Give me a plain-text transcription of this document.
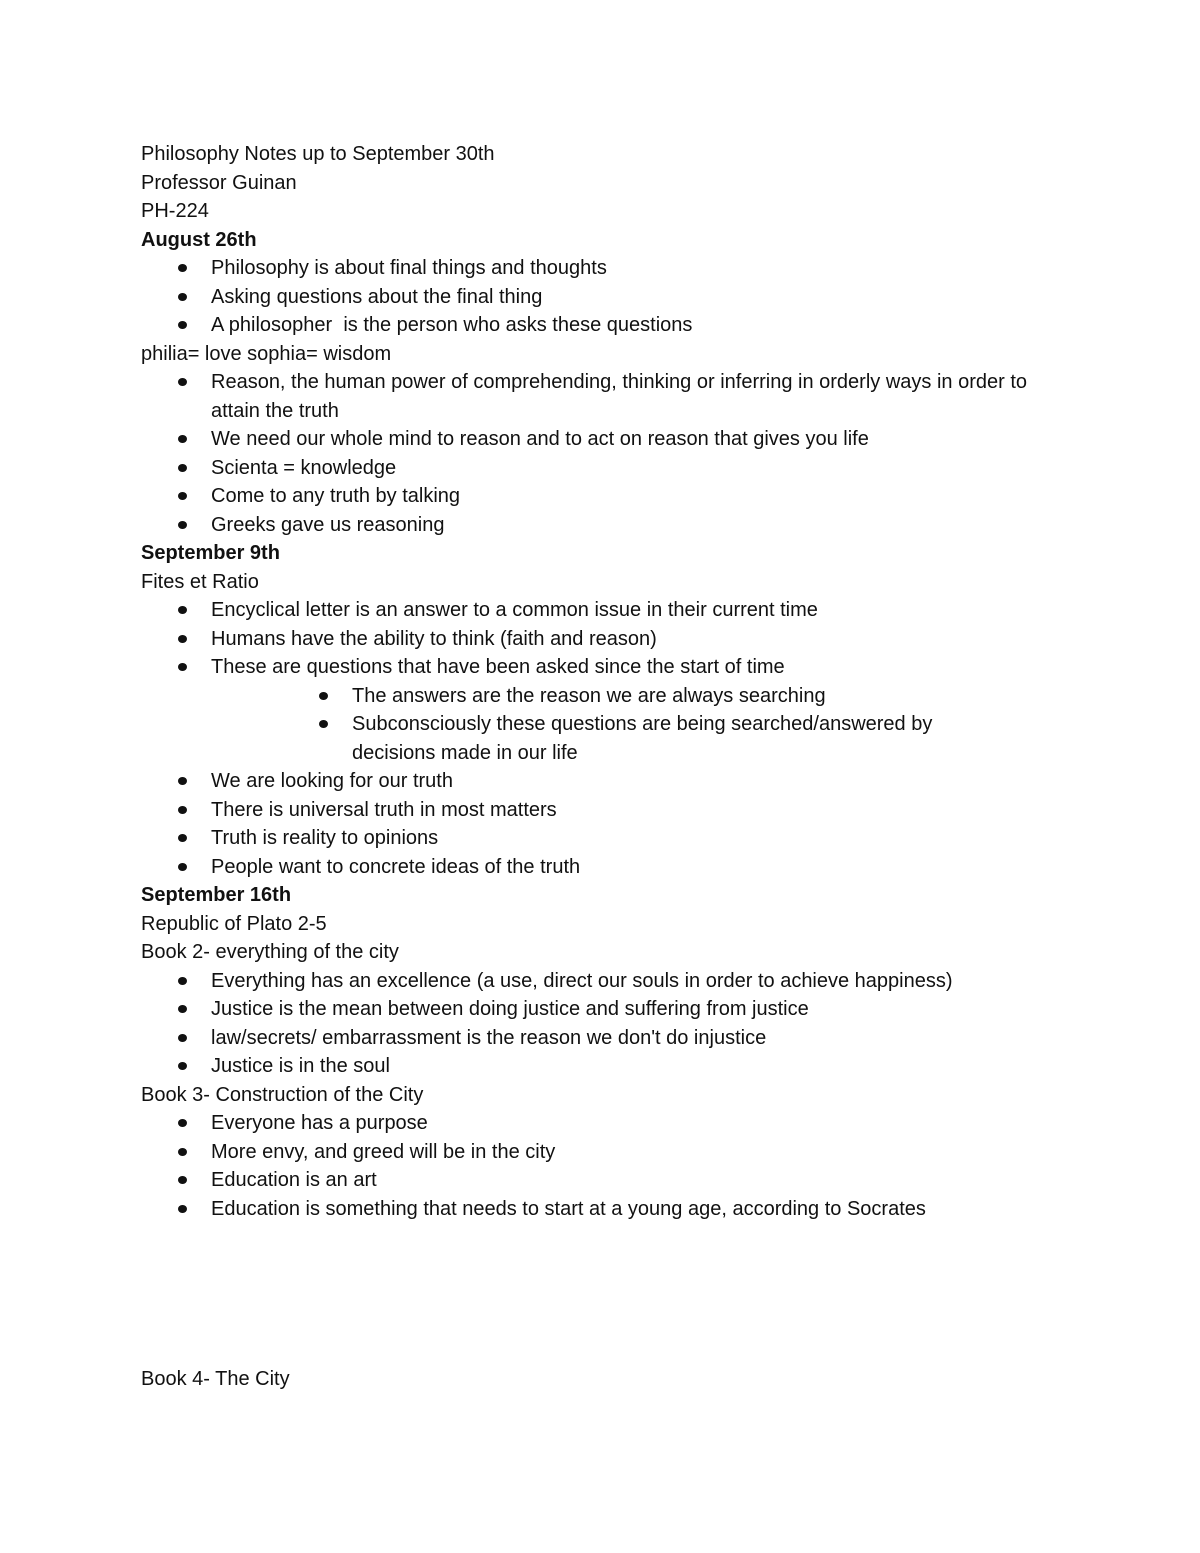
Philosophy Notes up to September 30th
Professor Guinan
PH-224
August 26th
Philosophy is about final things and thoughts
Asking questions about the final thing
A philosopher  is the person who asks these questions
philia= love sophia= wisdom
Reason, the human power of comprehending, thinking or inferring in orderly ways in order to attain the truth
We need our whole mind to reason and to act on reason that gives you life
Scienta = knowledge
Come to any truth by talking
Greeks gave us reasoning
September 9th
Fites et Ratio
Encyclical letter is an answer to a common issue in their current time
Humans have the ability to think (faith and reason)
These are questions that have been asked since the start of time
The answers are the reason we are always searching
Subconsciously these questions are being searched/answered by decisions made in our life
We are looking for our truth
There is universal truth in most matters
Truth is reality to opinions
People want to concrete ideas of the truth
September 16th
Republic of Plato 2-5
Book 2- everything of the city
Everything has an excellence (a use, direct our souls in order to achieve happiness)
Justice is the mean between doing justice and suffering from justice
law/secrets/ embarrassment is the reason we don't do injustice
Justice is in the soul
Book 3- Construction of the City
Everyone has a purpose
More envy, and greed will be in the city
Education is an art
Education is something that needs to start at a young age, according to Socrates
Book 4- The City
